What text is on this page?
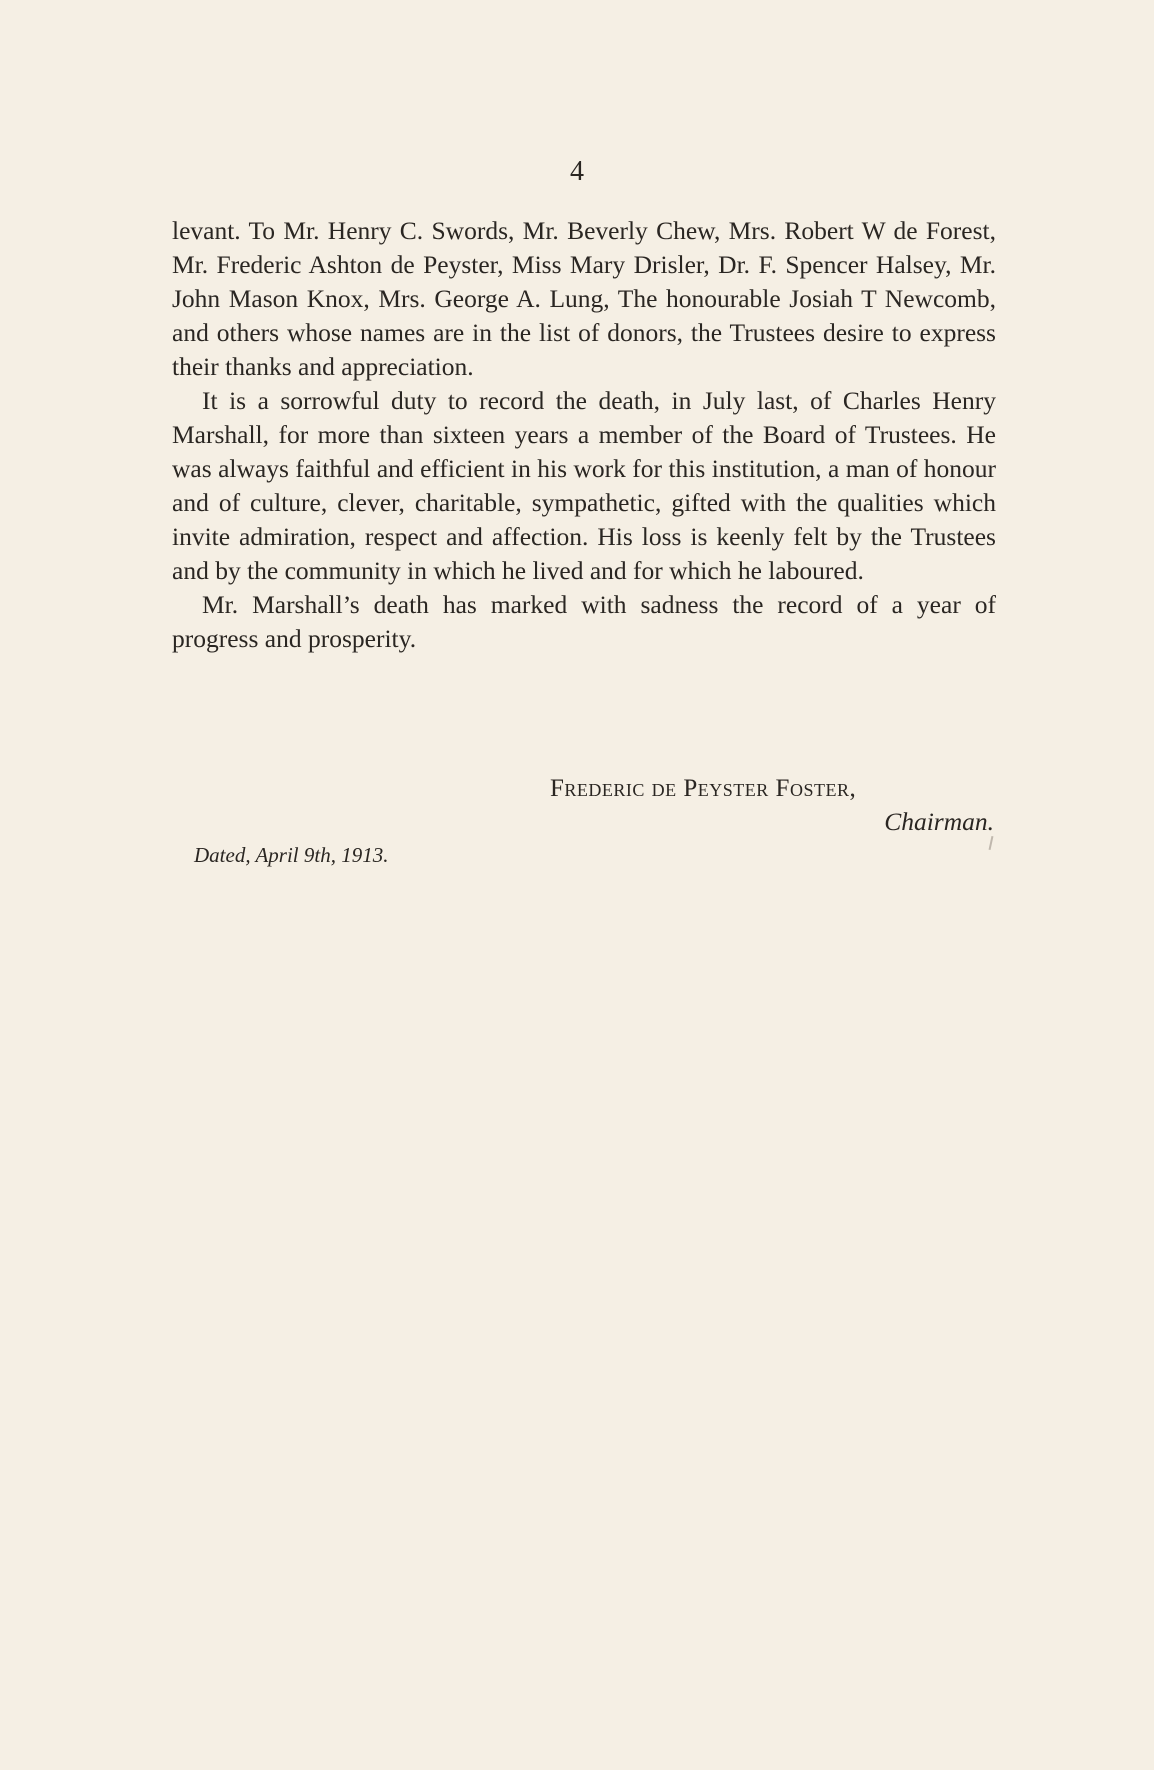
4

levant. To Mr. Henry C. Swords, Mr. Beverly Chew, Mrs. Robert W de Forest, Mr. Frederic Ashton de Peyster, Miss Mary Drisler, Dr. F. Spencer Halsey, Mr. John Mason Knox, Mrs. George A. Lung, The honourable Josiah T Newcomb, and others whose names are in the list of donors, the Trustees desire to express their thanks and appreciation.

It is a sorrowful duty to record the death, in July last, of Charles Henry Marshall, for more than sixteen years a member of the Board of Trustees. He was always faithful and efficient in his work for this institution, a man of honour and of culture, clever, charitable, sympathetic, gifted with the qualities which invite admiration, respect and affection. His loss is keenly felt by the Trustees and by the community in which he lived and for which he laboured.

Mr. Marshall’s death has marked with sadness the record of a year of progress and prosperity.

Frederic de Peyster Foster,
Chairman.
Dated, April 9th, 1913.
